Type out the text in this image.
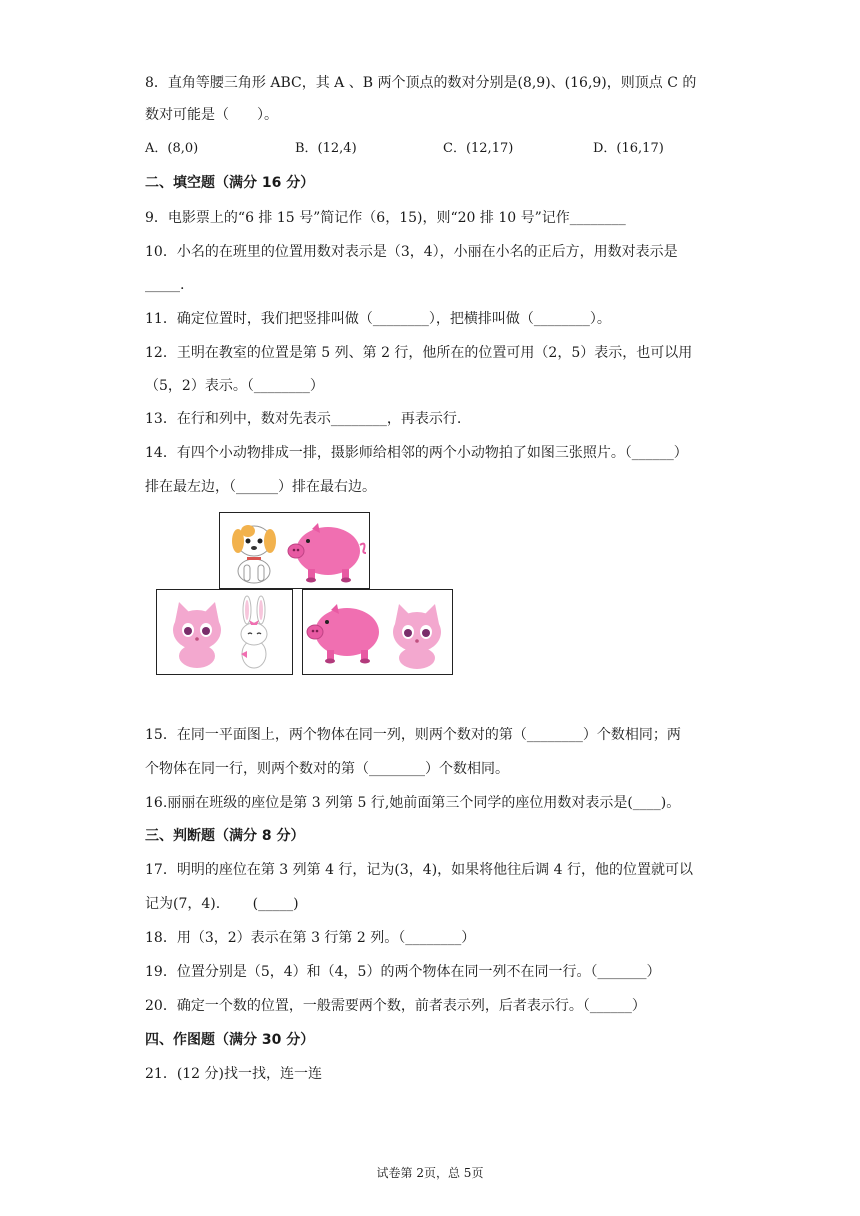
8．直角等腰三角形 ABC，其 A 、B 两个顶点的数对分别是(8,9)、(16,9)，则顶点 C 的
数对可能是（　　）。
A．(8,0)	B．(12,4)	C．(12,17)	D．(16,17)
二、填空题（满分 16 分）
9．电影票上的“6 排 15 号”简记作（6，15)，则“20 排 10 号”记作________
10．小名的在班里的位置用数对表示是（3，4），小丽在小名的正后方，用数对表示是
_____.
11．确定位置时，我们把竖排叫做（________），把横排叫做（________）。
12．王明在教室的位置是第 5 列、第 2 行，他所在的位置可用（2，5）表示，也可以用
（5，2）表示。（________）
13．在行和列中，数对先表示________，再表示行.
14．有四个小动物排成一排，摄影师给相邻的两个小动物拍了如图三张照片。（______）
排在最左边，（______）排在最右边。
15．在同一平面图上，两个物体在同一列，则两个数对的第（________）个数相同；两
个物体在同一行，则两个数对的第（________）个数相同。
16.丽丽在班级的座位是第 3 列第 5 行,她前面第三个同学的座位用数对表示是(____)。
三、判断题（满分 8 分）
17．明明的座位在第 3 列第 4 行，记为(3，4)，如果将他往后调 4 行，他的位置就可以
记为(7，4).　　 (_____)
18．用（3，2）表示在第 3 行第 2 列。（________）
19．位置分别是（5，4）和（4，5）的两个物体在同一列不在同一行。（_______）
20．确定一个数的位置，一般需要两个数，前者表示列，后者表示行。（______）
四、作图题（满分 30 分）
21．(12 分)找一找，连一连
试卷第 2页，总 5页
